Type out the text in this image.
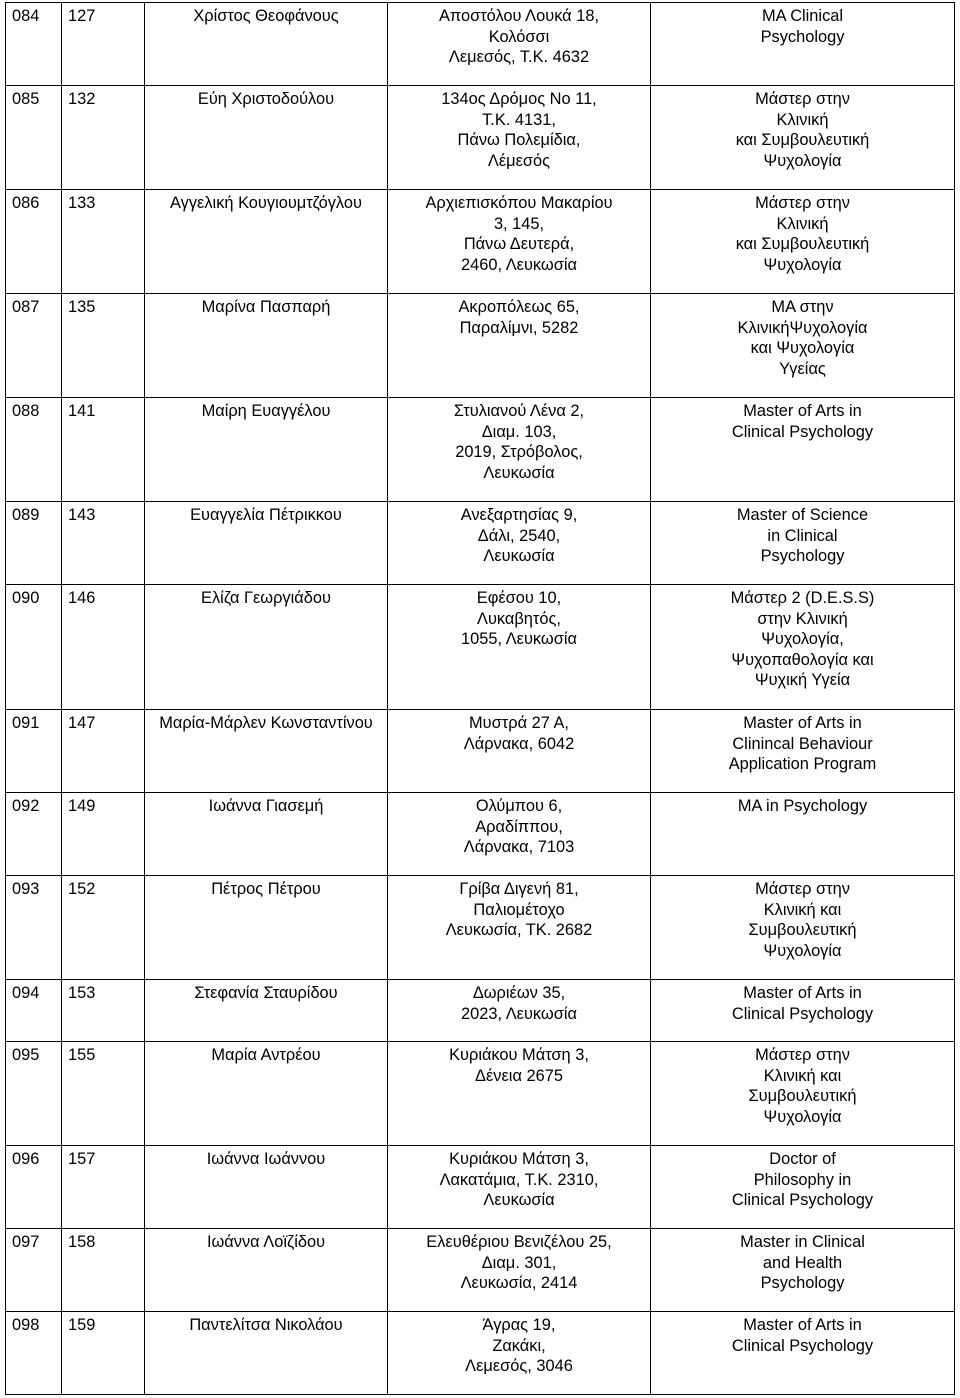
084	127	Χρίστος Θεοφάνους	Αποστόλου Λουκά 18,
Κολόσσι
Λεμεσός, Τ.Κ. 4632	MA Clinical
Psychology
085	132	Εύη Χριστοδούλου	134ος Δρόμος Νο 11,
Τ.Κ. 4131,
Πάνω Πολεμίδια,
Λέμεσός	Μάστερ στην
Κλινική
και Συμβουλευτική
Ψυχολογία
086	133	Αγγελική Κουγιουμτζόγλου	Αρχιεπισκόπου Μακαρίου
3, 145,
Πάνω Δευτερά,
2460, Λευκωσία	Μάστερ στην
Κλινική
και Συμβουλευτική
Ψυχολογία
087	135	Μαρίνα Πασπαρή	Ακροπόλεως 65,
Παραλίμνι, 5282	MA στην
ΚλινικήΨυχολογία
και Ψυχολογία
Υγείας
088	141	Μαίρη Ευαγγέλου	Στυλιανού Λένα 2,
Διαμ. 103,
2019, Στρόβολος,
Λευκωσία	Master of Arts in
Clinical Psychology
089	143	Ευαγγελία Πέτρικκου	Ανεξαρτησίας 9,
Δάλι, 2540,
Λευκωσία	Master of Science
in Clinical
Psychology
090	146	Ελίζα Γεωργιάδου	Εφέσου 10,
Λυκαβητός,
1055, Λευκωσία	Μάστερ 2 (D.E.S.S)
στην Κλινική
Ψυχολογία,
Ψυχοπαθολογία και
Ψυχική Υγεία
091	147	Μαρία-Μάρλεν Κωνσταντίνου	Μυστρά 27 Α,
Λάρνακα, 6042	Master of Arts in
Clinincal Behaviour
Application Program
092	149	Ιωάννα Γιασεμή	Ολύμπου 6,
Αραδίππου,
Λάρνακα, 7103	MA in Psychology
093	152	Πέτρος Πέτρου	Γρίβα Διγενή 81,
Παλιομέτοχο
Λευκωσία, ΤΚ. 2682	Μάστερ στην
Κλινική και
Συμβουλευτική
Ψυχολογία
094	153	Στεφανία Σταυρίδου	Δωριέων 35,
2023, Λευκωσία	Master of Arts in
Clinical Psychology
095	155	Μαρία Αντρέου	Κυριάκου Μάτση 3,
Δένεια 2675	Μάστερ στην
Κλινική και
Συμβουλευτική
Ψυχολογία
096	157	Ιωάννα Ιωάννου	Κυριάκου Μάτση 3,
Λακατάμια, Τ.Κ. 2310,
Λευκωσία	Doctor of
Philosophy in
Clinical Psychology
097	158	Ιωάννα Λοϊζίδου	Ελευθέριου Βενιζέλου 25,
Διαμ. 301,
Λευκωσία, 2414	Master in Clinical
and Health
Psychology
098	159	Παντελίτσα Νικολάου	Άγρας 19,
Ζακάκι,
Λεμεσός, 3046	Master of Arts in
Clinical Psychology
